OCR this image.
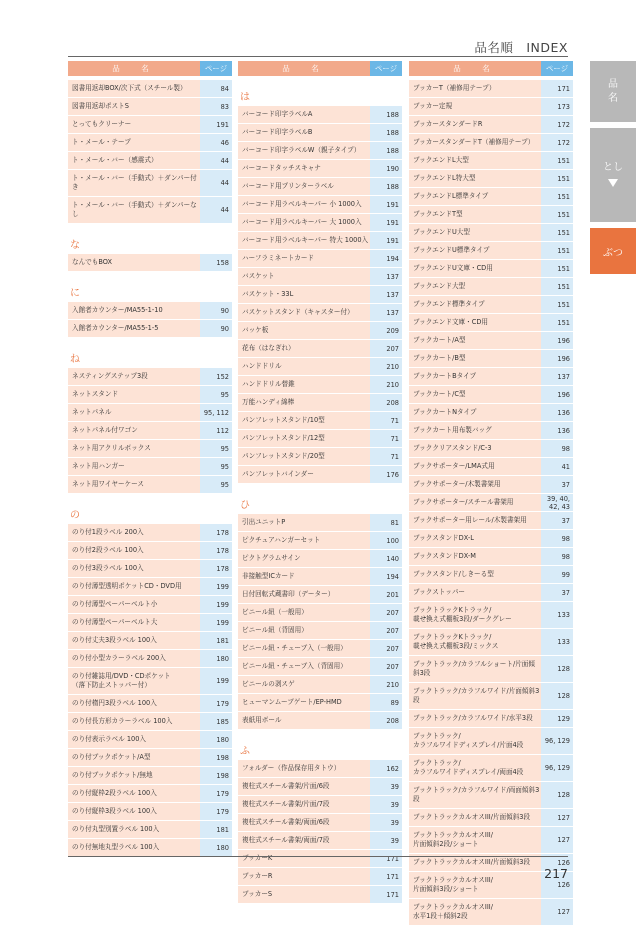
品名順　INDEX
品　名	ページ
図書用返却BOX/次下式（スチール製）	84
図書用返却ポストS	83
とってもクリーナー	191
ト・メール・テープ	46
ト・メール・バー（感震式）	44
ト・メール・バー（手動式）＋ダンパー付き	44
ト・メール・バー（手動式）＋ダンパーなし	44
な
なんでもBOX	158
に
入館者カウンター/MA55-1-10	90
入館者カウンター/MA55-1-5	90
ね
ネスティングステップ3段	152
ネットスタンド	95
ネットパネル	95, 112
ネットパネル付ワゴン	112
ネット用アクリルボックス	95
ネット用ハンガー	95
ネット用ワイヤーケース	95
の
のり付1段ラベル 200入	178
のり付2段ラベル 100入	178
のり付3段ラベル 100入	178
のり付薄型透明ポケットCD・DVD用	199
のり付薄型ペーパーベルト小	199
のり付薄型ペーパーベルト大	199
のり付丈夫3段ラベル 100入	181
のり付小型カラーラベル 200入	180
のり付雑誌用/DVD・CDポケット
（落下防止ストッパー付）	199
のり付楕円3段ラベル 100入	179
のり付長方形カラーラベル 100入	185
のり付表示ラベル 100入	180
のり付ブックポケット/A型	198
のり付ブックポケット/無地	198
のり付縦枠2段ラベル 100入	179
のり付縦枠3段ラベル 100入	179
のり付丸型別置ラベル 100入	181
のり付無地丸型ラベル 100入	180
品　名	ページ
は
バーコード印字ラベルA	188
バーコード印字ラベルB	188
バーコード印字ラベルW（親子タイプ）	188
バーコードタッチスキャナ	190
バーコード用プリンターラベル	188
バーコード用ラベルキーパー 小 1000入	191
バーコード用ラベルキーパー 大 1000入	191
バーコード用ラベルキーパー 特大 1000入	191
ハーフラミネートカード	194
バスケット	137
バスケット・33L	137
バスケットスタンド（キャスター付）	137
バッケ板	209
花布（はなぎれ）	207
ハンドドリル	210
ハンドドリル替錐	210
万能ハンディ綿棒	208
パンフレットスタンド/10型	71
パンフレットスタンド/12型	71
パンフレットスタンド/20型	71
パンフレットバインダー	176
ひ
引出ユニットP	81
ピクチュアハンガーセット	100
ピクトグラムサイン	140
非接触型ICカード	194
日付回転式蔵書印（データー）	201
ビニール紐（一般用）	207
ビニール紐（背固用）	207
ビニール紐・チューブ入（一般用）	207
ビニール紐・チューブ入（背固用）	207
ビニールの剥スゲ	210
ヒューマンムーブゲート/EP-HMD	89
表紙用ボール	208
ふ
フォルダー（作品保存用タトウ）	162
複柱式スチール書架/片面/6段	39
複柱式スチール書架/片面/7段	39
複柱式スチール書架/両面/6段	39
複柱式スチール書架/両面/7段	39
ブッカーK	171
ブッカーR	171
ブッカーS	171
品　名	ページ
ブッカーT（補修用テープ）	171
ブッカー定規	173
ブッカースタンダードR	172
ブッカースタンダードT（補修用テープ）	172
ブックエンドL大型	151
ブックエンドL特大型	151
ブックエンドL標準タイプ	151
ブックエンドT型	151
ブックエンドU大型	151
ブックエンドU標準タイプ	151
ブックエンドU文庫・CD用	151
ブックエンド大型	151
ブックエンド標準タイプ	151
ブックエンド文庫・CD用	151
ブックカート/A型	196
ブックカート/B型	196
ブックカートBタイプ	137
ブックカート/C型	196
ブックカートNタイプ	136
ブックカート用布製バッグ	136
ブッククリアスタンド/C-3	98
ブックサポーター/LMA式用	41
ブックサポーター/木製書架用	37
ブックサポーター/スチール書架用	39, 40,
42, 43
ブックサポーター用レール/木製書架用	37
ブックスタンドDX-L	98
ブックスタンドDX-M	98
ブックスタンド/しきーる型	99
ブックストッパー	37
ブックトラックKトラック/
載せ換え式棚板3段/ダークグレー	133
ブックトラックKトラック/
載せ換え式棚板3段/ミックス	133
ブックトラック/カラフルショート/片面傾斜3段	128
ブックトラック/カラフルワイド/片面傾斜3段	128
ブックトラック/カラフルワイド/水平3段	129
ブックトラック/
カラフルワイドディスプレイ/片面4段	96, 129
ブックトラック/
カラフルワイドディスプレイ/両面4段	96, 129
ブックトラック/カラフルワイド/両面傾斜3段	128
ブックトラックカルオスIII/片面傾斜3段	127
ブックトラックカルオスIII/
片面傾斜2段/ショート	127
ブックトラックカルオスIII/片面傾斜3段	126
ブックトラックカルオスIII/
片面傾斜3段/ショート	126
ブックトラックカルオスIII/
水平1段＋傾斜2段	127
品
名
とし
ぶつ
217
